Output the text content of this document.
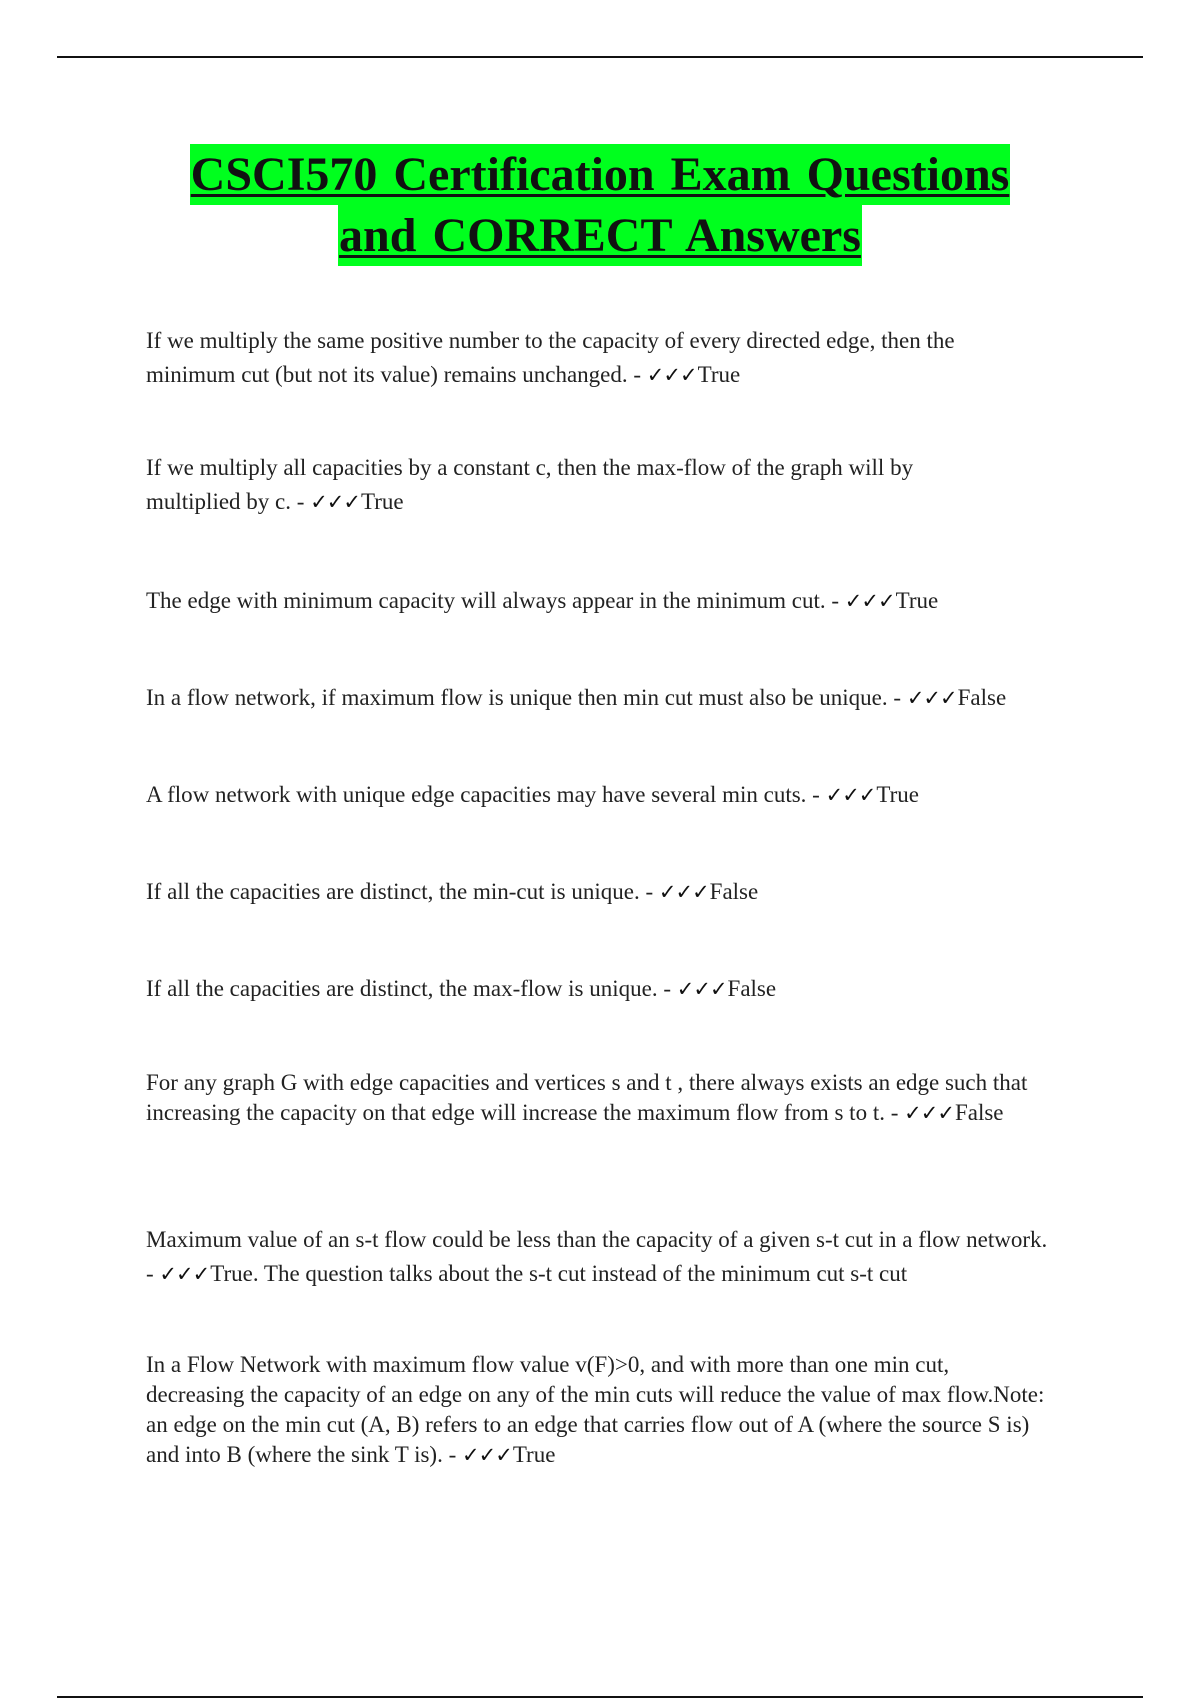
CSCI570 Certification Exam Questions
and CORRECT Answers
If we multiply the same positive number to the capacity of every directed edge, then the minimum cut (but not its value) remains unchanged. - ✓✓✓True
If we multiply all capacities by a constant c, then the max-flow of the graph will by multiplied by c. - ✓✓✓True
The edge with minimum capacity will always appear in the minimum cut. - ✓✓✓True
In a flow network, if maximum flow is unique then min cut must also be unique. - ✓✓✓False
A flow network with unique edge capacities may have several min cuts. - ✓✓✓True
If all the capacities are distinct, the min-cut is unique. - ✓✓✓False
If all the capacities are distinct, the max-flow is unique. - ✓✓✓False
For any graph G with edge capacities and vertices s and t , there always exists an edge such that increasing the capacity on that edge will increase the maximum flow from s to t. - ✓✓✓False
Maximum value of an s-t flow could be less than the capacity of a given s-t cut in a flow network. - ✓✓✓True. The question talks about the s-t cut instead of the minimum cut s-t cut
In a Flow Network with maximum flow value v(F)>0, and with more than one min cut, decreasing the capacity of an edge on any of the min cuts will reduce the value of max flow.Note: an edge on the min cut (A, B) refers to an edge that carries flow out of A (where the source S is) and into B (where the sink T is). - ✓✓✓True
